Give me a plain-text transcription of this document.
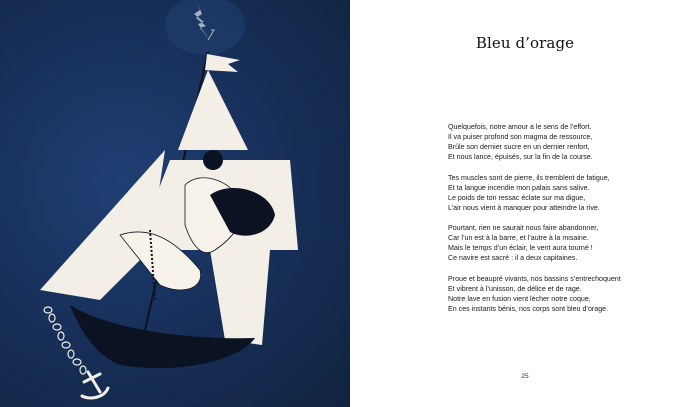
Bleu d’orage
Quelquefois, notre amour a le sens de l’effort.
Il va puiser profond son magma de ressource,
Brûle son dernier sucre en un dernier renfort,
Et nous lance, épuisés, sur la fin de la course.
Tes muscles sont de pierre, ils tremblent de fatigue,
Et ta langue incendie mon palais sans salive.
Le poids de ton ressac éclate sur ma digue,
L’air nous vient à manquer pour atteindre la rive.
Pourtant, rien ne saurait nous faire abandonner,
Car l’un est à la barre, et l’autre à la misaine.
Mais le temps d’un éclair, le vent aura tourné !
Ce navire est sacré : il a deux capitaines.
Proue et beaupré vivants, nos bassins s’entrechoquent
Et vibrent à l’unisson, de délice et de rage.
Notre lave en fusion vient lécher notre coque,
En ces instants bénis, nos corps sont bleu d’orage.
25
